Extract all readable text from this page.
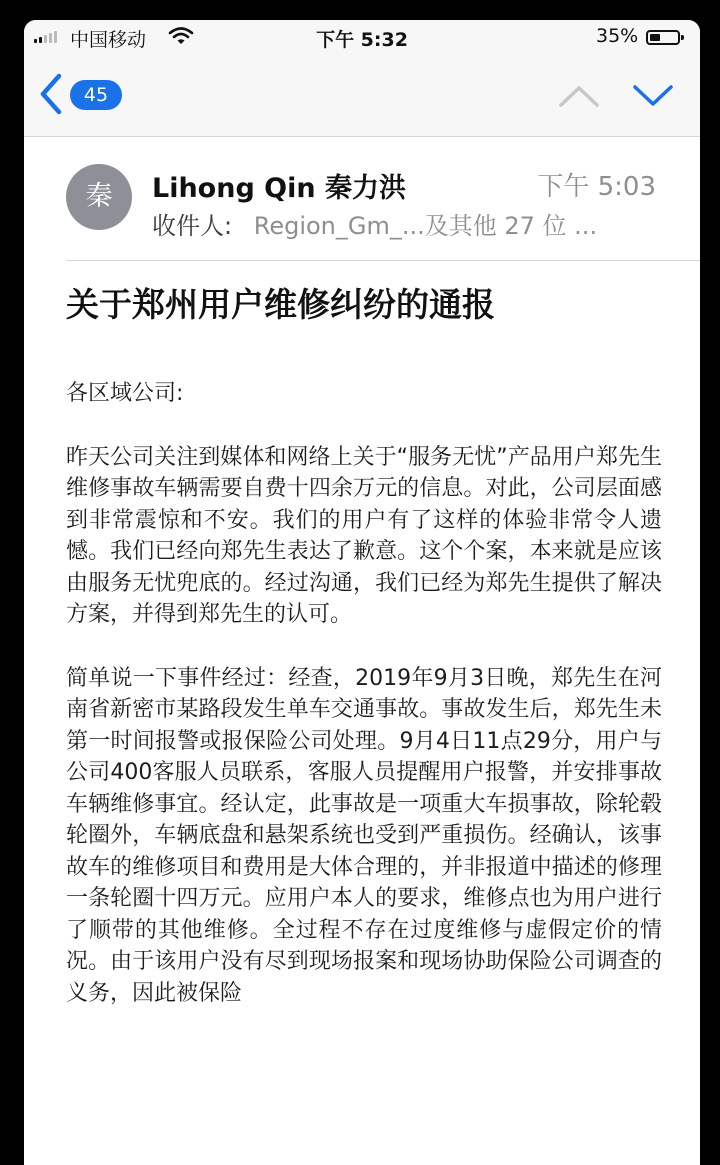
中国移动	下午 5:32	35%
45
秦	Lihong Qin 秦力洪	下午 5:03
收件人: Region_Gm_...及其他 27 位 ...
关于郑州用户维修纠纷的通报

各区域公司:

昨天公司关注到媒体和网络上关于“服务无忧”产品用户郑先生维修事故车辆需要自费十四余万元的信息。对此，公司层面感到非常震惊和不安。我们的用户有了这样的体验非常令人遗憾。我们已经向郑先生表达了歉意。这个个案，本来就是应该由服务无忧兜底的。经过沟通，我们已经为郑先生提供了解决方案，并得到郑先生的认可。

简单说一下事件经过：经查，2019年9月3日晚，郑先生在河南省新密市某路段发生单车交通事故。事故发生后，郑先生未第一时间报警或报保险公司处理。9月4日11点29分，用户与公司400客服人员联系，客服人员提醒用户报警，并安排事故车辆维修事宜。经认定，此事故是一项重大车损事故，除轮毂轮圈外，车辆底盘和悬架系统也受到严重损伤。经确认，该事故车的维修项目和费用是大体合理的，并非报道中描述的修理一条轮圈十四万元。应用户本人的要求，维修点也为用户进行了顺带的其他维修。全过程不存在过度维修与虚假定价的情况。由于该用户没有尽到现场报案和现场协助保险公司调查的义务，因此被保险
